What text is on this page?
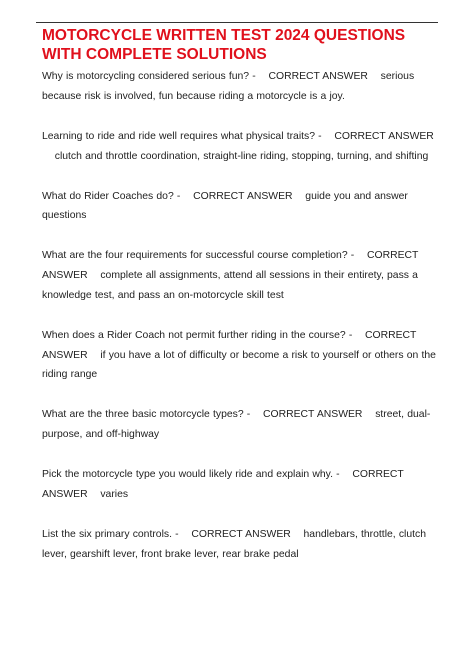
MOTORCYCLE WRITTEN TEST 2024 QUESTIONS WITH COMPLETE SOLUTIONS
Why is motorcycling considered serious fun? - CORRECT ANSWER serious because risk is involved, fun because riding a motorcycle is a joy.
Learning to ride and ride well requires what physical traits? - CORRECT ANSWER    clutch and throttle coordination, straight-line riding, stopping, turning, and shifting
What do Rider Coaches do? - CORRECT ANSWER guide you and answer questions
What are the four requirements for successful course completion? - CORRECT ANSWER complete all assignments, attend all sessions in their entirety, pass a knowledge test, and pass an on-motorcycle skill test
When does a Rider Coach not permit further riding in the course? - CORRECT ANSWER if you have a lot of difficulty or become a risk to yourself or others on the riding range
What are the three basic motorcycle types? - CORRECT ANSWER street, dual-purpose, and off-highway
Pick the motorcycle type you would likely ride and explain why. - CORRECT ANSWER varies
List the six primary controls. - CORRECT ANSWER handlebars, throttle, clutch lever, gearshift lever, front brake lever, rear brake pedal
